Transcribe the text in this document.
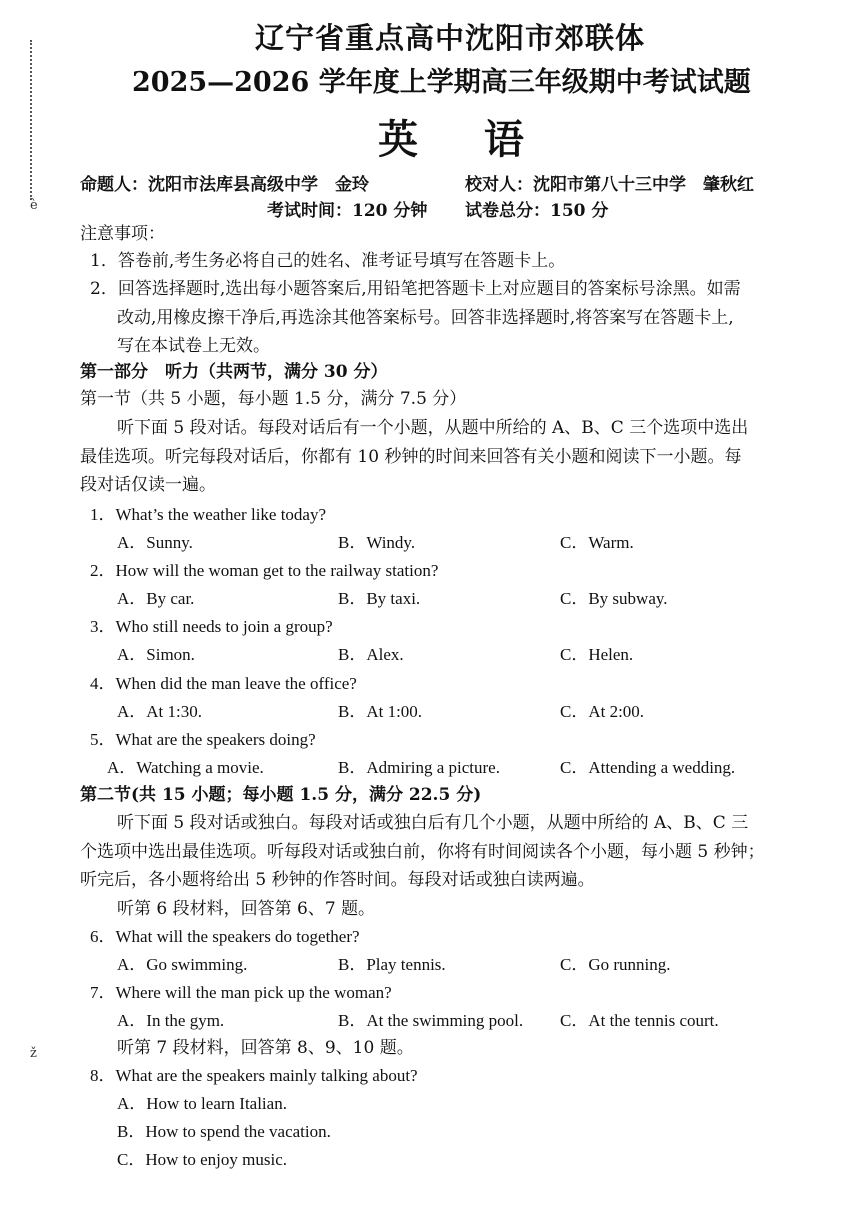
è
ž
辽宁省重点高中沈阳市郊联体
2025—2026 学年度上学期高三年级期中考试试题
英 语
命题人：沈阳市法库县高级中学　金玲	校对人：沈阳市第八十三中学　肇秋红
考试时间：120 分钟 试卷总分：150 分
注意事项：
1．答卷前,考生务必将自己的姓名、准考证号填写在答题卡上。
2．回答选择题时,选出每小题答案后,用铅笔把答题卡上对应题目的答案标号涂黑。如需
改动,用橡皮擦干净后,再选涂其他答案标号。回答非选择题时,将答案写在答题卡上,
写在本试卷上无效。
第一部分　听力（共两节，满分 30 分）
第一节（共 5 小题，每小题 1.5 分，满分 7.5 分）
听下面 5 段对话。每段对话后有一个小题，从题中所给的 A、B、C 三个选项中选出
最佳选项。听完每段对话后，你都有 10 秒钟的时间来回答有关小题和阅读下一小题。每
段对话仅读一遍。
1．What’s the weather like today?
A．Sunny.	B．Windy.	C．Warm.
2．How will the woman get to the railway station?
A．By car.	B．By taxi.	C．By subway.
3．Who still needs to join a group?
A．Simon.	B．Alex.	C．Helen.
4．When did the man leave the office?
A．At 1:30.	B．At 1:00.	C．At 2:00.
5．What are the speakers doing?
A．Watching a movie.	B．Admiring a picture.	C．Attending a wedding.
第二节(共 15 小题；每小题 1.5 分，满分 22.5 分)
听下面 5 段对话或独白。每段对话或独白后有几个小题，从题中所给的 A、B、C 三
个选项中选出最佳选项。听每段对话或独白前，你将有时间阅读各个小题，每小题 5 秒钟；
听完后，各小题将给出 5 秒钟的作答时间。每段对话或独白读两遍。
听第 6 段材料，回答第 6、7 题。
6．What will the speakers do together?
A．Go swimming.	B．Play tennis.	C．Go running.
7．Where will the man pick up the woman?
A．In the gym.	B．At the swimming pool. C．At the tennis court.
听第 7 段材料，回答第 8、9、10 题。
8．What are the speakers mainly talking about?
A．How to learn Italian.
B．How to spend the vacation.
C．How to enjoy music.
